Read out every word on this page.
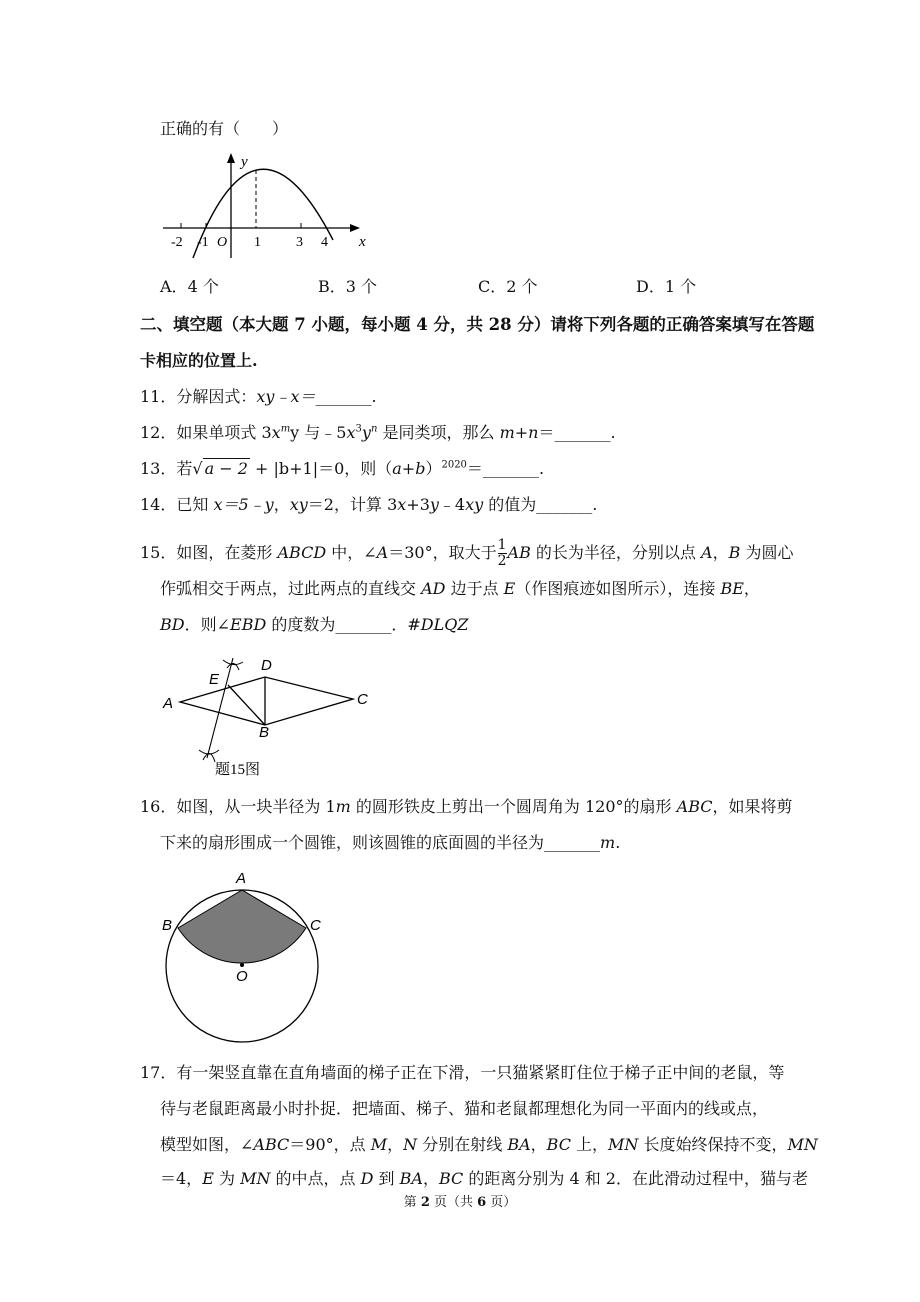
正确的有（　　）
y
x
-2 -1 O 1	3 4
A．4 个	B．3 个	C．2 个	D．1 个
二、填空题（本大题 7 小题，每小题 4 分，共 28 分）请将下列各题的正确答案填写在答题
卡相应的位置上.
11．分解因式：xy﹣x＝_______.
12．如果单项式 $3x^my$ 与$﹣5x^3y^n$ 是同类项，那么 m+n＝_______.
13．若√ a − 2 + |b+1|＝0，则$(a+b)^{2020}=\_\_\_\_\_\_\_$.
14．已知 x＝5﹣y，xy＝2，计算 3x+3y﹣4xy 的值为_______.
15．如图，在菱形 ABCD 中，∠A＝30°，取大于 $\frac{1}{2}$ AB 的长为半径，分别以点 A，B 为圆心
作弧相交于两点，过此两点的直线交 AD 边于点 E（作图痕迹如图所示），连接 BE，
BD．则∠EBD 的度数为_______．#DLQZ
A
B
C
D
E
题15图
16．如图，从一块半径为 1m 的圆形铁皮上剪出一个圆周角为 120°的扇形 ABC，如果将剪
下来的扇形围成一个圆锥，则该圆锥的底面圆的半径为_______m.
A
B	C
O
17．有一架竖直靠在直角墙面的梯子正在下滑，一只猫紧紧盯住位于梯子正中间的老鼠，等
待与老鼠距离最小时扑捉．把墙面、梯子、猫和老鼠都理想化为同一平面内的线或点，
模型如图，∠ABC＝90°，点 M，N 分别在射线 BA，BC 上，MN 长度始终保持不变，MN
＝4，E 为 MN 的中点，点 D 到 BA，BC 的距离分别为 4 和 2．在此滑动过程中，猫与老
第 2 页（共 6 页）
